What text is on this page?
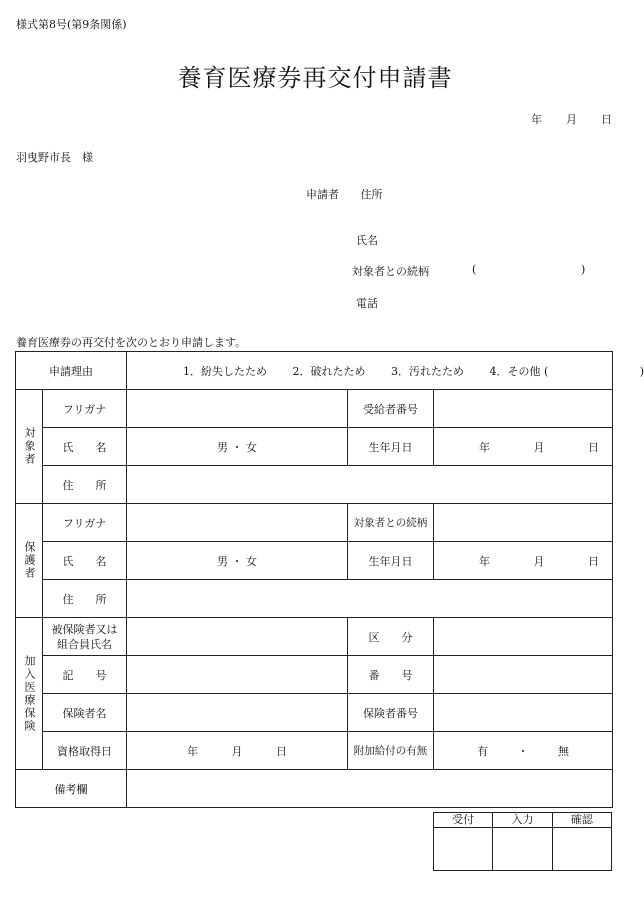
様式第8号(第9条関係)
養育医療券再交付申請書
年 月 日
羽曳野市長　様
申請者 住所
氏名
対象者との続柄	(	)
電話
養育医療券の再交付を次のとおり申請します。
申請理由		1．紛失したため 2．破れたため 3．汚れたため 4．その他 ( )		
対象者	フリガナ		受給者番号	
	氏　　名	男 ・ 女	生年月日	年 月 日
	住　　所			
保護者	フリガナ		対象者との続柄	
	氏　　名	男 ・ 女	生年月日	年 月 日
	住　　所			
加入医療保険	被保険者又は
組合員氏名		区　　分	
	記　　号		番　　号	
	保険者名		保険者番号	
	資格取得日	年 月 日	附加給付の有無	有 ・ 無
備考欄				
受付	入力	確認
